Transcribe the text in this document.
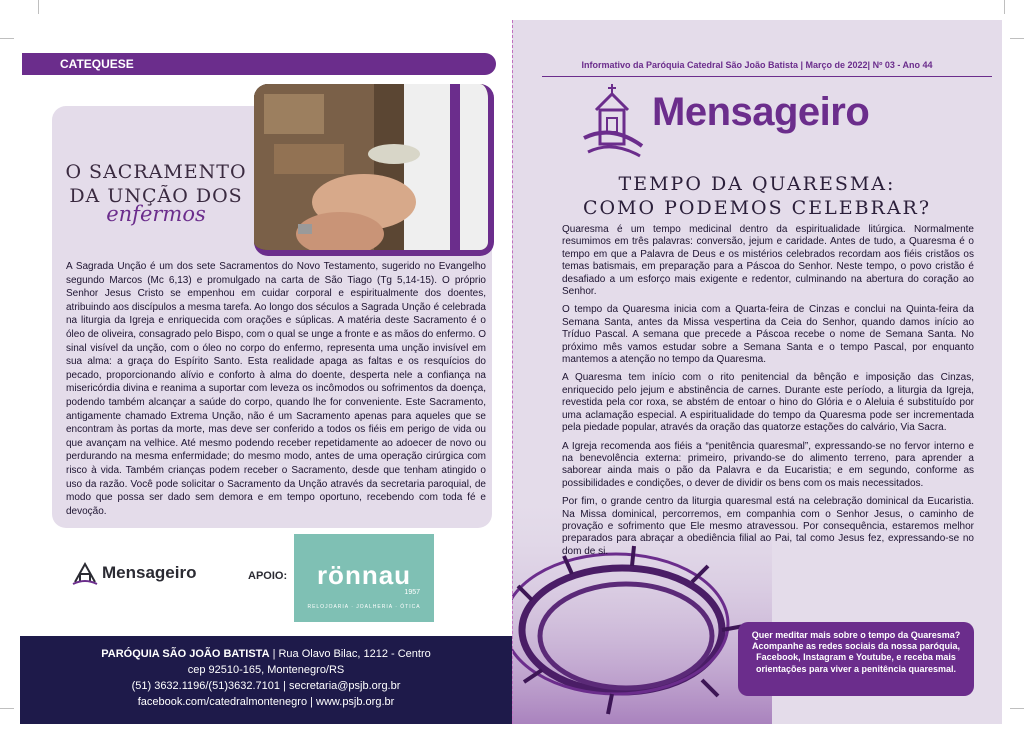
CATEQUESE
O SACRAMENTO
DA UNÇÃO DOS
enfermos
A Sagrada Unção é um dos sete Sacramentos do Novo Testamento, sugerido no Evangelho segundo Marcos (Mc 6,13) e promulgado na carta de São Tiago (Tg 5,14-15). O próprio Senhor Jesus Cristo se empenhou em cuidar corporal e espiritualmente dos doentes, atribuindo aos discípulos a mesma tarefa. Ao longo dos séculos a Sagrada Unção é celebrada na liturgia da Igreja e enriquecida com orações e súplicas. A matéria deste Sacramento é o óleo de oliveira, consagrado pelo Bispo, com o qual se unge a fronte e as mãos do enfermo. O sinal visível da unção, com o óleo no corpo do enfermo, representa uma unção invisível em sua alma: a graça do Espírito Santo. Esta realidade apaga as faltas e os resquícios do pecado, proporcionando alívio e conforto à alma do doente, desperta nele a confiança na misericórdia divina e reanima a suportar com leveza os incômodos ou sofrimentos da doença, podendo também alcançar a saúde do corpo, quando lhe for conveniente. Este Sacramento, antigamente chamado Extrema Unção, não é um Sacramento apenas para aqueles que se encontram às portas da morte, mas deve ser conferido a todos os fiéis em perigo de vida ou que avançam na velhice. Até mesmo podendo receber repetidamente ao adoecer de novo ou perdurando na mesma enfermidade; do mesmo modo, antes de uma operação cirúrgica com risco à vida. Também crianças podem receber o Sacramento, desde que tenham atingido o uso da razão. Você pode solicitar o Sacramento da Unção através da secretaria paroquial, de modo que possa ser dado sem demora e em tempo oportuno, recebendo com toda fé e devoção.
Mensageiro	APOIO:	rönnau
1957
RELOJOARIA · JOALHERIA · ÓTICA
PARÓQUIA SÃO JOÃO BATISTA | Rua Olavo Bilac, 1212 - Centro
cep 92510-165, Montenegro/RS
(51) 3632.1196/(51)3632.7101 | secretaria@psjb.org.br
facebook.com/catedralmontenegro | www.psjb.org.br
Informativo da Paróquia Catedral São João Batista | Março de 2022| Nº 03 - Ano 44
Mensageiro
TEMPO DA QUARESMA:
COMO PODEMOS CELEBRAR?

Quaresma é um tempo medicinal dentro da espiritualidade litúrgica. Normalmente resumimos em três palavras: conversão, jejum e caridade. Antes de tudo, a Quaresma é o tempo em que a Palavra de Deus e os mistérios celebrados recordam aos fiéis cristãos os temas batismais, em preparação para a Páscoa do Senhor. Neste tempo, o povo cristão é desafiado a um esforço mais exigente e redentor, culminando na abertura do coração ao Senhor.

O tempo da Quaresma inicia com a Quarta-feira de Cinzas e conclui na Quinta-feira da Semana Santa, antes da Missa vespertina da Ceia do Senhor, quando damos início ao Tríduo Pascal. A semana que precede a Páscoa recebe o nome de Semana Santa. No próximo mês vamos estudar sobre a Semana Santa e o tempo Pascal, por enquanto mantemos a atenção no tempo da Quaresma.

A Quaresma tem início com o rito penitencial da bênção e imposição das Cinzas, enriquecido pelo jejum e abstinência de carnes. Durante este período, a liturgia da Igreja, revestida pela cor roxa, se abstém de entoar o hino do Glória e o Aleluia é substituído por uma aclamação especial. A espiritualidade do tempo da Quaresma pode ser incrementada pela piedade popular, através da oração das quatorze estações do calvário, Via Sacra.

A Igreja recomenda aos fiéis a “penitência quaresmal”, expressando-se no fervor interno e na benevolência externa: primeiro, privando-se do alimento terreno, para aprender a saborear ainda mais o pão da Palavra e da Eucaristia; e em segundo, conforme as possibilidades e condições, o dever de dividir os bens com os mais necessitados.

Por fim, o grande centro da liturgia quaresmal está na celebração dominical da Eucaristia. Na Missa dominical, percorremos, em companhia com o Senhor Jesus, o caminho de provação e sofrimento que Ele mesmo atravessou. Por consequência, estaremos melhor preparados para abraçar a obediência filial ao Pai, tal como Jesus fez, expressando-se no dom de si.

Quer meditar mais sobre o tempo da Quaresma? Acompanhe as redes sociais da nossa paróquia, Facebook, Instagram e Youtube, e receba mais orientações para viver a penitência quaresmal.
